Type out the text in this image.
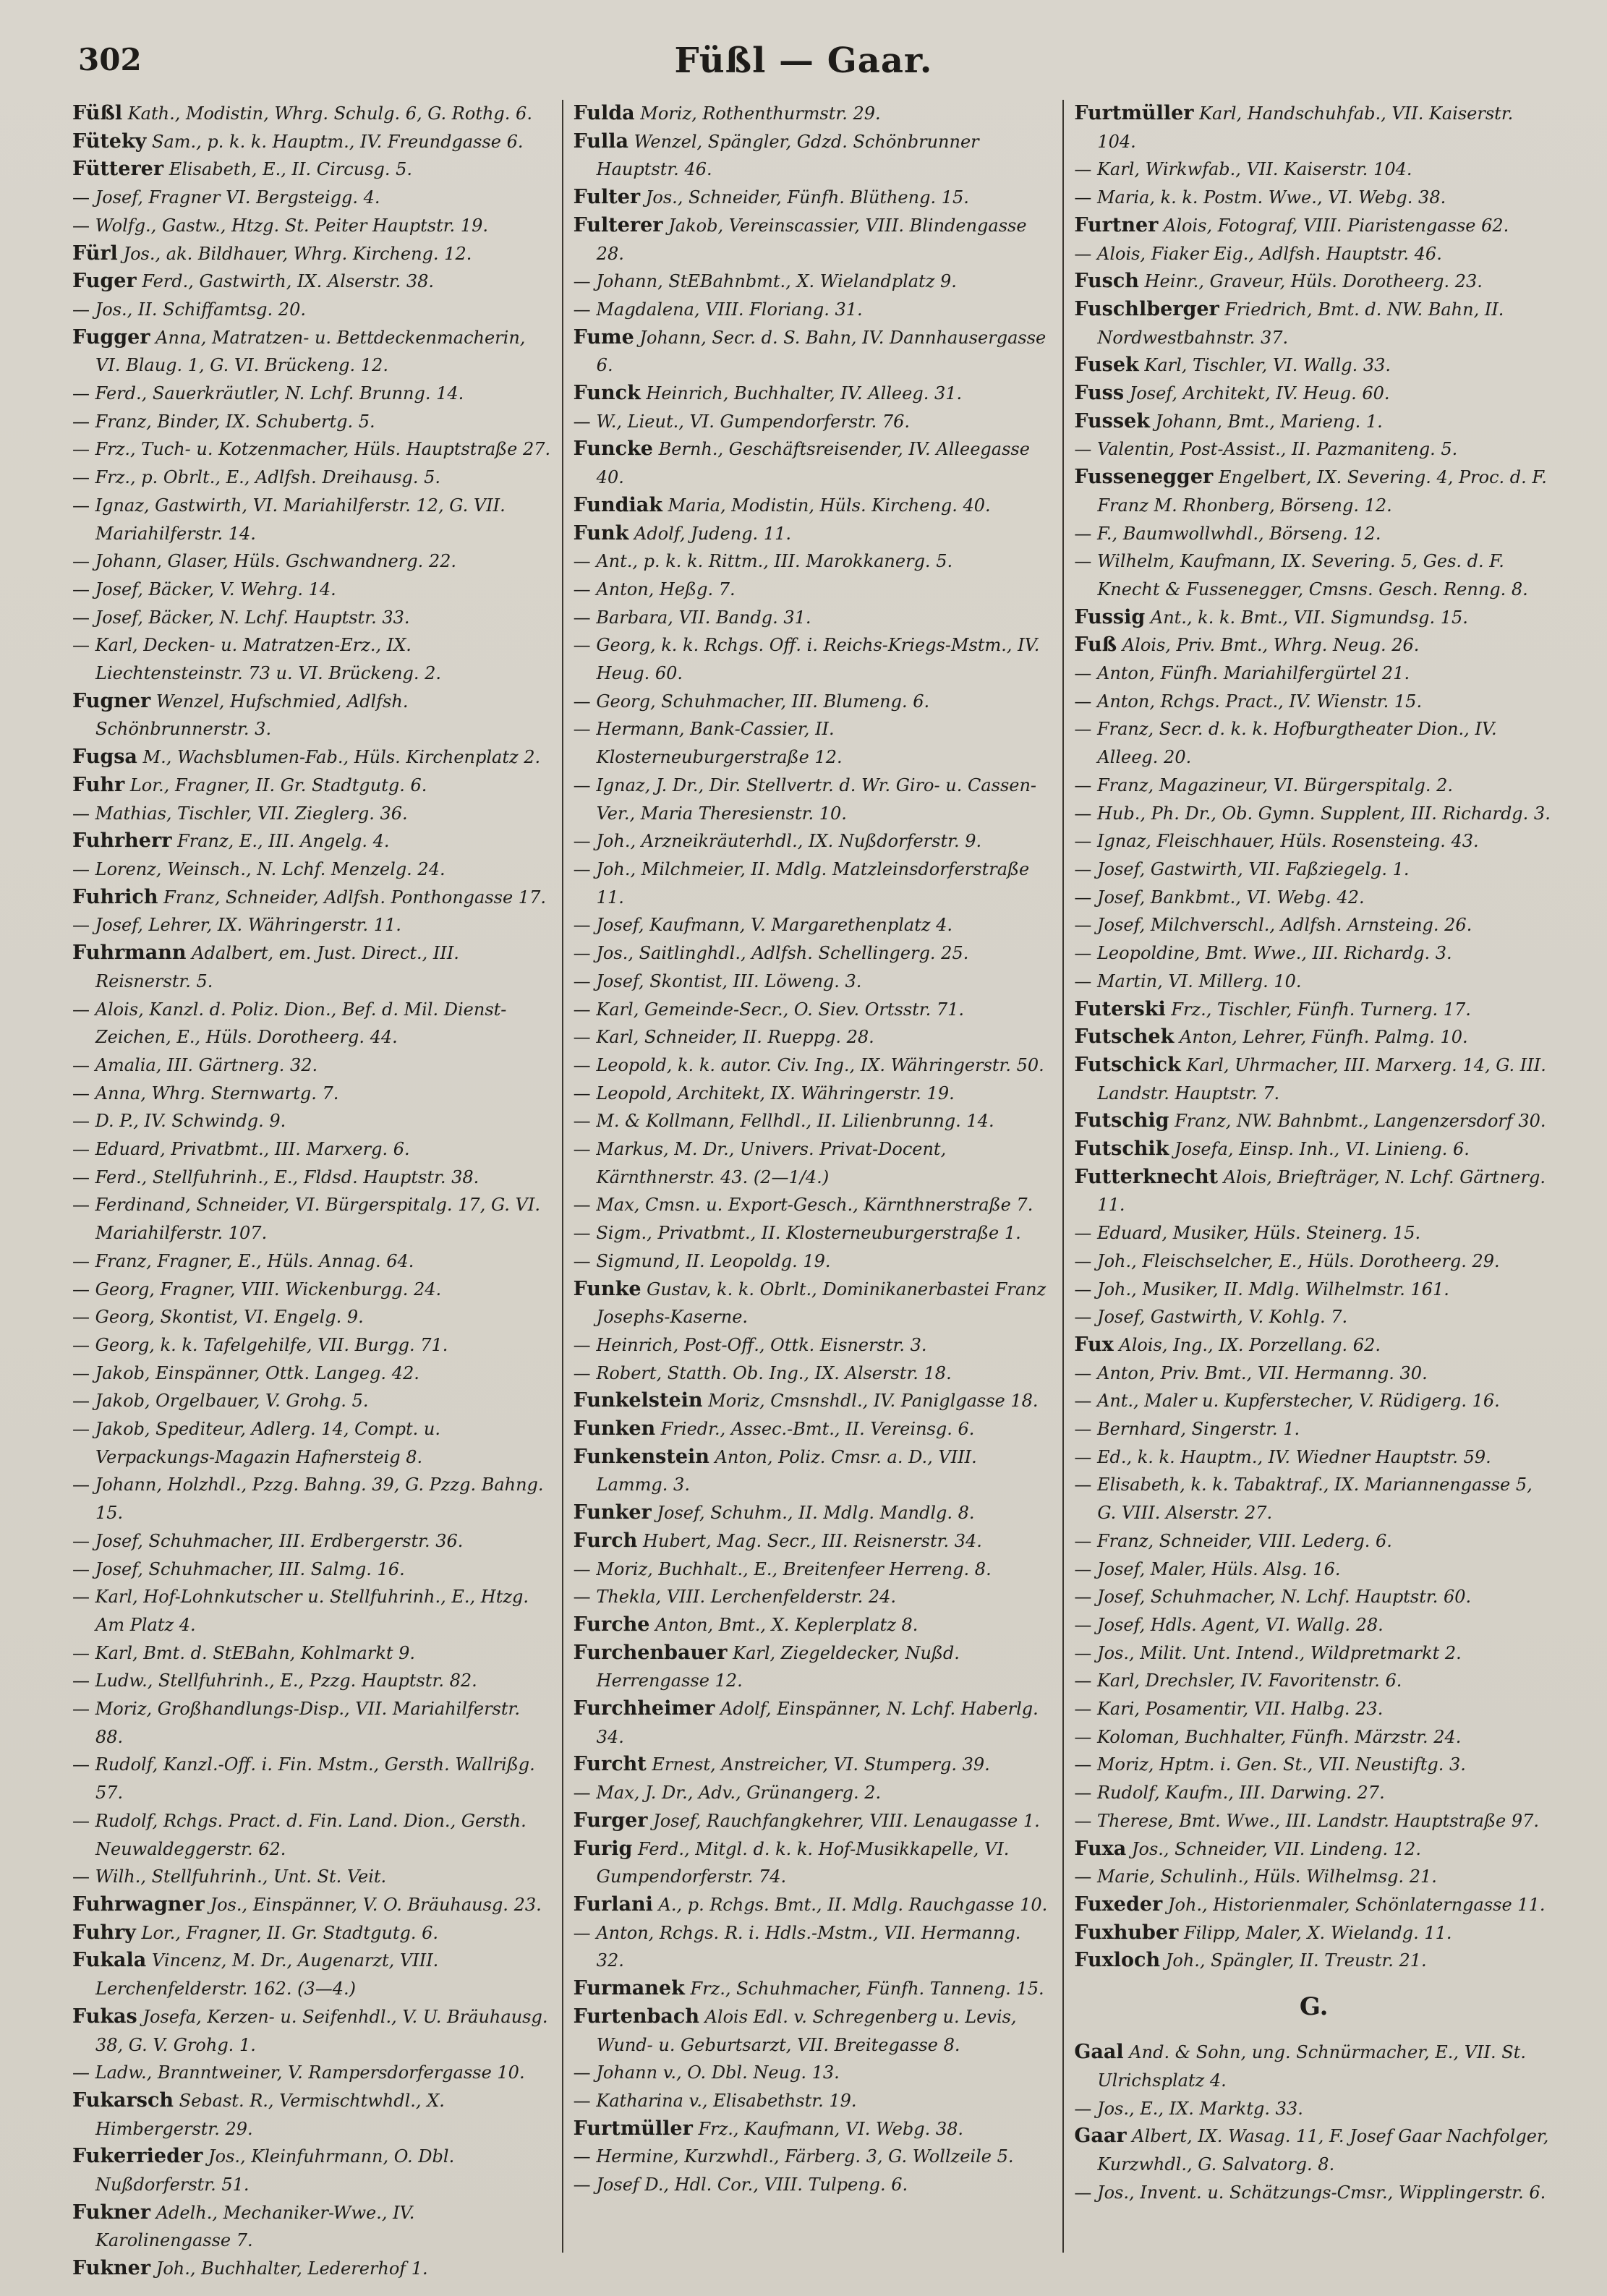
302	Füßl — Gaar.
Füßl Kath., Modistin, Whrg. Schulg. 6, G. Rothg. 6.
Füteky Sam., p. k. k. Hauptm., IV. Freundgasse 6.
Fütterer Elisabeth, E., II. Circusg. 5.
— Josef, Fragner VI. Bergsteigg. 4.
— Wolfg., Gastw., Htzg. St. Peiter Hauptstr. 19.
Fürl Jos., ak. Bildhauer, Whrg. Kircheng. 12.
Fuger Ferd., Gastwirth, IX. Alserstr. 38.
— Jos., II. Schiffamtsg. 20.
Fugger Anna, Matratzen- u. Bettdeckenmacherin, VI. Blaug. 1, G. VI. Brückeng. 12.
— Ferd., Sauerkräutler, N. Lchf. Brunng. 14.
— Franz, Binder, IX. Schubertg. 5.
— Frz., Tuch- u. Kotzenmacher, Hüls. Hauptstraße 27.
— Frz., p. Obrlt., E., Adlfsh. Dreihausg. 5.
— Ignaz, Gastwirth, VI. Mariahilferstr. 12, G. VII. Mariahilferstr. 14.
— Johann, Glaser, Hüls. Gschwandnerg. 22.
— Josef, Bäcker, V. Wehrg. 14.
— Josef, Bäcker, N. Lchf. Hauptstr. 33.
— Karl, Decken- u. Matratzen-Erz., IX. Liechtensteinstr. 73 u. VI. Brückeng. 2.
Fugner Wenzel, Hufschmied, Adlfsh. Schönbrunnerstr. 3.
Fugsa M., Wachsblumen-Fab., Hüls. Kirchenplatz 2.
Fuhr Lor., Fragner, II. Gr. Stadtgutg. 6.
— Mathias, Tischler, VII. Zieglerg. 36.
Fuhrherr Franz, E., III. Angelg. 4.
— Lorenz, Weinsch., N. Lchf. Menzelg. 24.
Fuhrich Franz, Schneider, Adlfsh. Ponthongasse 17.
— Josef, Lehrer, IX. Währingerstr. 11.
Fuhrmann Adalbert, em. Just. Direct., III. Reisnerstr. 5.
— Alois, Kanzl. d. Poliz. Dion., Bef. d. Mil. Dienst-Zeichen, E., Hüls. Dorotheerg. 44.
— Amalia, III. Gärtnerg. 32.
— Anna, Whrg. Sternwartg. 7.
— D. P., IV. Schwindg. 9.
— Eduard, Privatbmt., III. Marxerg. 6.
— Ferd., Stellfuhrinh., E., Fldsd. Hauptstr. 38.
— Ferdinand, Schneider, VI. Bürgerspitalg. 17, G. VI. Mariahilferstr. 107.
— Franz, Fragner, E., Hüls. Annag. 64.
— Georg, Fragner, VIII. Wickenburgg. 24.
— Georg, Skontist, VI. Engelg. 9.
— Georg, k. k. Tafelgehilfe, VII. Burgg. 71.
— Jakob, Einspänner, Ottk. Langeg. 42.
— Jakob, Orgelbauer, V. Grohg. 5.
— Jakob, Spediteur, Adlerg. 14, Compt. u. Verpackungs-Magazin Hafnersteig 8.
— Johann, Holzhdl., Pzzg. Bahng. 39, G. Pzzg. Bahng. 15.
— Josef, Schuhmacher, III. Erdbergerstr. 36.
— Josef, Schuhmacher, III. Salmg. 16.
— Karl, Hof-Lohnkutscher u. Stellfuhrinh., E., Htzg. Am Platz 4.
— Karl, Bmt. d. StEBahn, Kohlmarkt 9.
— Ludw., Stellfuhrinh., E., Pzzg. Hauptstr. 82.
— Moriz, Großhandlungs-Disp., VII. Mariahilferstr. 88.
— Rudolf, Kanzl.-Off. i. Fin. Mstm., Gersth. Wallrißg. 57.
— Rudolf, Rchgs. Pract. d. Fin. Land. Dion., Gersth. Neuwaldeggerstr. 62.
— Wilh., Stellfuhrinh., Unt. St. Veit.
Fuhrwagner Jos., Einspänner, V. O. Bräuhausg. 23.
Fuhry Lor., Fragner, II. Gr. Stadtgutg. 6.
Fukala Vincenz, M. Dr., Augenarzt, VIII. Lerchenfelderstr. 162. (3—4.)
Fukas Josefa, Kerzen- u. Seifenhdl., V. U. Bräuhausg. 38, G. V. Grohg. 1.
— Ladw., Branntweiner, V. Rampersdorfergasse 10.
Fukarsch Sebast. R., Vermischtwhdl., X. Himbergerstr. 29.
Fukerrieder Jos., Kleinfuhrmann, O. Dbl. Nußdorferstr. 51.
Fukner Adelh., Mechaniker-Wwe., IV. Karolinengasse 7.
Fukner Joh., Buchhalter, Ledererhof 1.
Fulda Moriz, Rothenthurmstr. 29.
Fulla Wenzel, Spängler, Gdzd. Schönbrunner Hauptstr. 46.
Fulter Jos., Schneider, Fünfh. Blütheng. 15.
Fulterer Jakob, Vereinscassier, VIII. Blindengasse 28.
— Johann, StEBahnbmt., X. Wielandplatz 9.
— Magdalena, VIII. Floriang. 31.
Fume Johann, Secr. d. S. Bahn, IV. Dannhausergasse 6.
Funck Heinrich, Buchhalter, IV. Alleeg. 31.
— W., Lieut., VI. Gumpendorferstr. 76.
Funcke Bernh., Geschäftsreisender, IV. Alleegasse 40.
Fundiak Maria, Modistin, Hüls. Kircheng. 40.
Funk Adolf, Judeng. 11.
— Ant., p. k. k. Rittm., III. Marokkanerg. 5.
— Anton, Heßg. 7.
— Barbara, VII. Bandg. 31.
— Georg, k. k. Rchgs. Off. i. Reichs-Kriegs-Mstm., IV. Heug. 60.
— Georg, Schuhmacher, III. Blumeng. 6.
— Hermann, Bank-Cassier, II. Klosterneuburgerstraße 12.
— Ignaz, J. Dr., Dir. Stellvertr. d. Wr. Giro- u. Cassen-Ver., Maria Theresienstr. 10.
— Joh., Arzneikräuterhdl., IX. Nußdorferstr. 9.
— Joh., Milchmeier, II. Mdlg. Matzleinsdorferstraße 11.
— Josef, Kaufmann, V. Margarethenplatz 4.
— Jos., Saitlinghdl., Adlfsh. Schellingerg. 25.
— Josef, Skontist, III. Löweng. 3.
— Karl, Gemeinde-Secr., O. Siev. Ortsstr. 71.
— Karl, Schneider, II. Rueppg. 28.
— Leopold, k. k. autor. Civ. Ing., IX. Währingerstr. 50.
— Leopold, Architekt, IX. Währingerstr. 19.
— M. & Kollmann, Fellhdl., II. Lilienbrunng. 14.
— Markus, M. Dr., Univers. Privat-Docent, Kärnthnerstr. 43. (2—1/4.)
— Max, Cmsn. u. Export-Gesch., Kärnthnerstraße 7.
— Sigm., Privatbmt., II. Klosterneuburgerstraße 1.
— Sigmund, II. Leopoldg. 19.
Funke Gustav, k. k. Obrlt., Dominikanerbastei Franz Josephs-Kaserne.
— Heinrich, Post-Off., Ottk. Eisnerstr. 3.
— Robert, Statth. Ob. Ing., IX. Alserstr. 18.
Funkelstein Moriz, Cmsnshdl., IV. Paniglgasse 18.
Funken Friedr., Assec.-Bmt., II. Vereinsg. 6.
Funkenstein Anton, Poliz. Cmsr. a. D., VIII. Lammg. 3.
Funker Josef, Schuhm., II. Mdlg. Mandlg. 8.
Furch Hubert, Mag. Secr., III. Reisnerstr. 34.
— Moriz, Buchhalt., E., Breitenfeer Herreng. 8.
— Thekla, VIII. Lerchenfelderstr. 24.
Furche Anton, Bmt., X. Keplerplatz 8.
Furchenbauer Karl, Ziegeldecker, Nußd. Herrengasse 12.
Furchheimer Adolf, Einspänner, N. Lchf. Haberlg. 34.
Furcht Ernest, Anstreicher, VI. Stumperg. 39.
— Max, J. Dr., Adv., Grünangerg. 2.
Furger Josef, Rauchfangkehrer, VIII. Lenaugasse 1.
Furig Ferd., Mitgl. d. k. k. Hof-Musikkapelle, VI. Gumpendorferstr. 74.
Furlani A., p. Rchgs. Bmt., II. Mdlg. Rauchgasse 10.
— Anton, Rchgs. R. i. Hdls.-Mstm., VII. Hermanng. 32.
Furmanek Frz., Schuhmacher, Fünfh. Tanneng. 15.
Furtenbach Alois Edl. v. Schregenberg u. Levis, Wund- u. Geburtsarzt, VII. Breitegasse 8.
— Johann v., O. Dbl. Neug. 13.
— Katharina v., Elisabethstr. 19.
Furtmüller Frz., Kaufmann, VI. Webg. 38.
— Hermine, Kurzwhdl., Färberg. 3, G. Wollzeile 5.
— Josef D., Hdl. Cor., VIII. Tulpeng. 6.
Furtmüller Karl, Handschuhfab., VII. Kaiserstr. 104.
— Karl, Wirkwfab., VII. Kaiserstr. 104.
— Maria, k. k. Postm. Wwe., VI. Webg. 38.
Furtner Alois, Fotograf, VIII. Piaristengasse 62.
— Alois, Fiaker Eig., Adlfsh. Hauptstr. 46.
Fusch Heinr., Graveur, Hüls. Dorotheerg. 23.
Fuschlberger Friedrich, Bmt. d. NW. Bahn, II. Nordwestbahnstr. 37.
Fusek Karl, Tischler, VI. Wallg. 33.
Fuss Josef, Architekt, IV. Heug. 60.
Fussek Johann, Bmt., Marieng. 1.
— Valentin, Post-Assist., II. Pazmaniteng. 5.
Fussenegger Engelbert, IX. Severing. 4, Proc. d. F. Franz M. Rhonberg, Börseng. 12.
— F., Baumwollwhdl., Börseng. 12.
— Wilhelm, Kaufmann, IX. Severing. 5, Ges. d. F. Knecht & Fussenegger, Cmsns. Gesch. Renng. 8.
Fussig Ant., k. k. Bmt., VII. Sigmundsg. 15.
Fuß Alois, Priv. Bmt., Whrg. Neug. 26.
— Anton, Fünfh. Mariahilfergürtel 21.
— Anton, Rchgs. Pract., IV. Wienstr. 15.
— Franz, Secr. d. k. k. Hofburgtheater Dion., IV. Alleeg. 20.
— Franz, Magazineur, VI. Bürgerspitalg. 2.
— Hub., Ph. Dr., Ob. Gymn. Supplent, III. Richardg. 3.
— Ignaz, Fleischhauer, Hüls. Rosensteing. 43.
— Josef, Gastwirth, VII. Faßziegelg. 1.
— Josef, Bankbmt., VI. Webg. 42.
— Josef, Milchverschl., Adlfsh. Arnsteing. 26.
— Leopoldine, Bmt. Wwe., III. Richardg. 3.
— Martin, VI. Millerg. 10.
Futerski Frz., Tischler, Fünfh. Turnerg. 17.
Futschek Anton, Lehrer, Fünfh. Palmg. 10.
Futschick Karl, Uhrmacher, III. Marxerg. 14, G. III. Landstr. Hauptstr. 7.
Futschig Franz, NW. Bahnbmt., Langenzersdorf 30.
Futschik Josefa, Einsp. Inh., VI. Linieng. 6.
Futterknecht Alois, Briefträger, N. Lchf. Gärtnerg. 11.
— Eduard, Musiker, Hüls. Steinerg. 15.
— Joh., Fleischselcher, E., Hüls. Dorotheerg. 29.
— Joh., Musiker, II. Mdlg. Wilhelmstr. 161.
— Josef, Gastwirth, V. Kohlg. 7.
Fux Alois, Ing., IX. Porzellang. 62.
— Anton, Priv. Bmt., VII. Hermanng. 30.
— Ant., Maler u. Kupferstecher, V. Rüdigerg. 16.
— Bernhard, Singerstr. 1.
— Ed., k. k. Hauptm., IV. Wiedner Hauptstr. 59.
— Elisabeth, k. k. Tabaktraf., IX. Mariannengasse 5, G. VIII. Alserstr. 27.
— Franz, Schneider, VIII. Lederg. 6.
— Josef, Maler, Hüls. Alsg. 16.
— Josef, Schuhmacher, N. Lchf. Hauptstr. 60.
— Josef, Hdls. Agent, VI. Wallg. 28.
— Jos., Milit. Unt. Intend., Wildpretmarkt 2.
— Karl, Drechsler, IV. Favoritenstr. 6.
— Kari, Posamentir, VII. Halbg. 23.
— Koloman, Buchhalter, Fünfh. Märzstr. 24.
— Moriz, Hptm. i. Gen. St., VII. Neustiftg. 3.
— Rudolf, Kaufm., III. Darwing. 27.
— Therese, Bmt. Wwe., III. Landstr. Hauptstraße 97.
Fuxa Jos., Schneider, VII. Lindeng. 12.
— Marie, Schulinh., Hüls. Wilhelmsg. 21.
Fuxeder Joh., Historienmaler, Schönlaterngasse 11.
Fuxhuber Filipp, Maler, X. Wielandg. 11.
Fuxloch Joh., Spängler, II. Treustr. 21.
G.
Gaal And. & Sohn, ung. Schnürmacher, E., VII. St. Ulrichsplatz 4.
— Jos., E., IX. Marktg. 33.
Gaar Albert, IX. Wasag. 11, F. Josef Gaar Nachfolger, Kurzwhdl., G. Salvatorg. 8.
— Jos., Invent. u. Schätzungs-Cmsr., Wipplingerstr. 6.
